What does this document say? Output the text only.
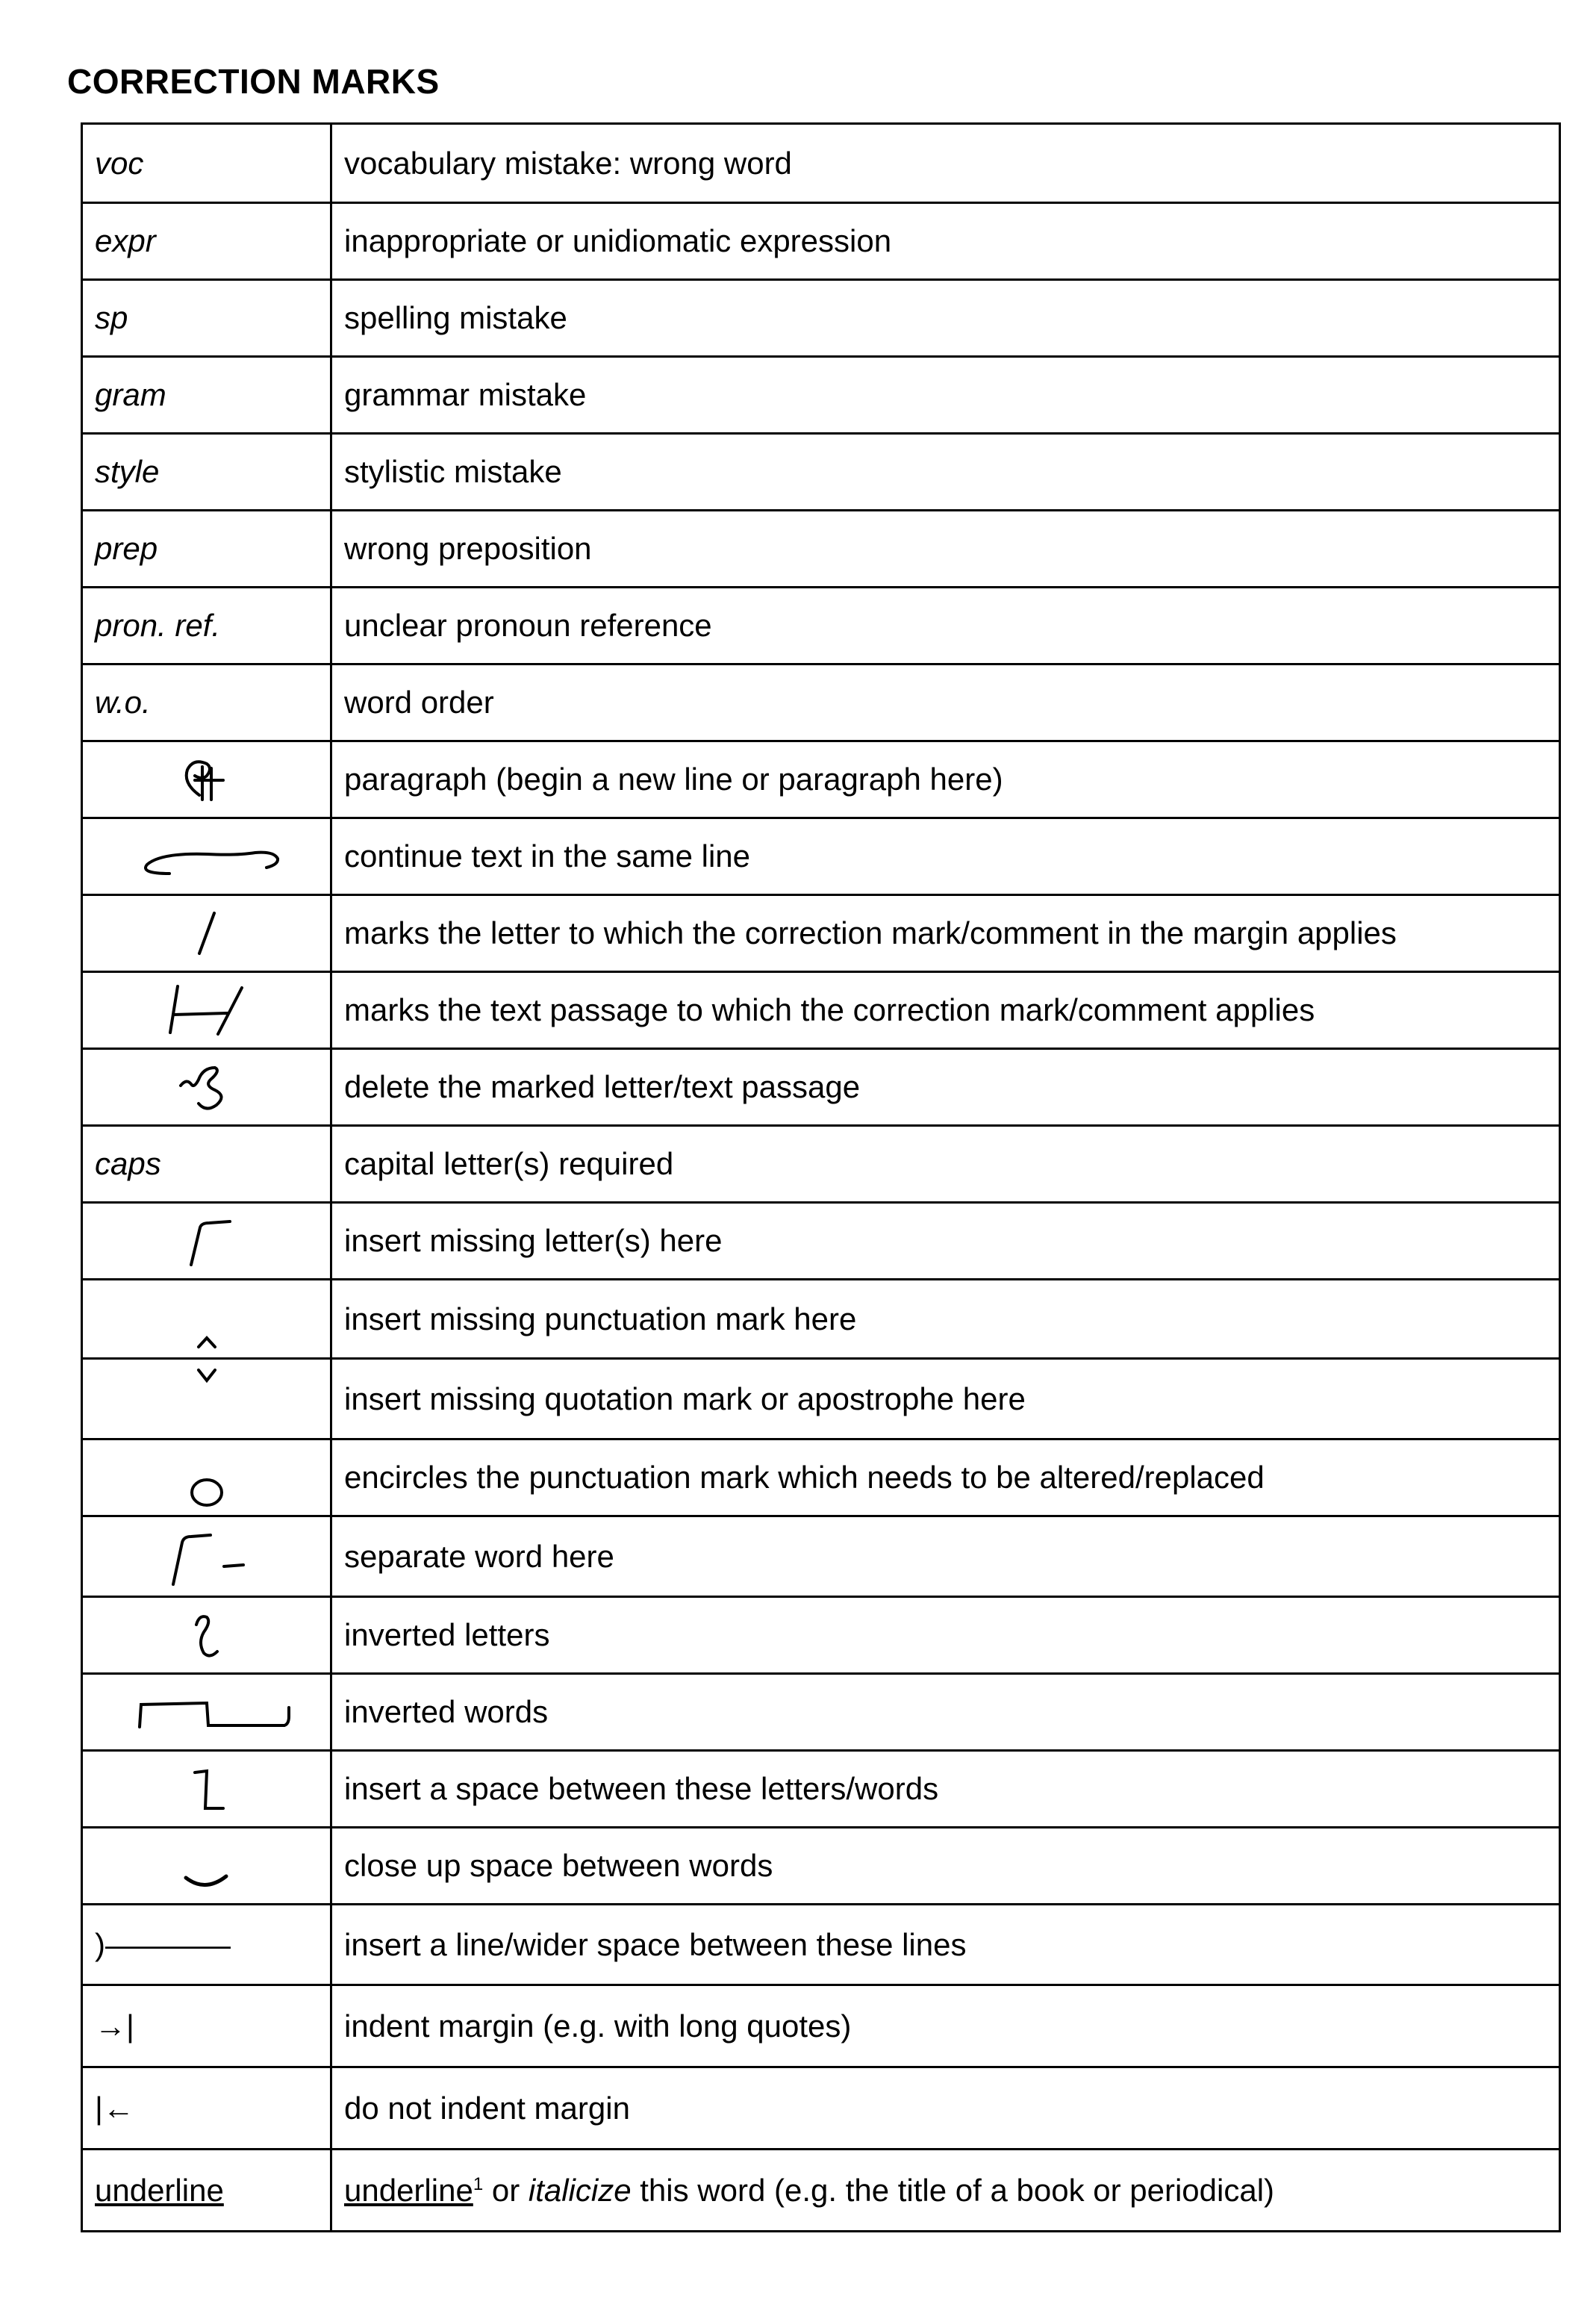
CORRECTION MARKS
voc	vocabulary mistake: wrong word
expr	inappropriate or unidiomatic expression
sp	spelling mistake
gram	grammar mistake
style	stylistic mistake
prep	wrong preposition
pron. ref.	unclear pronoun reference
w.o.	word order

	paragraph (begin a new line or paragraph here)

	continue text in the same line

	marks the letter to which the correction mark/comment in the margin applies

	marks the text passage to which the correction mark/comment applies

	delete the marked letter/text passage
caps	capital letter(s) required

	insert missing letter(s) here

	insert missing punctuation mark here

	insert missing quotation mark or apostrophe here

	encircles the punctuation mark which needs to be altered/replaced

	separate word here

	inverted letters

	inverted words

	insert a space between these letters/words

	close up space between words
)————	insert a line/wider space between these lines
→|	indent margin (e.g. with long quotes)
|←	do not indent margin
underline	underline$^1$ or italicize this word (e.g. the title of a book or periodical)
